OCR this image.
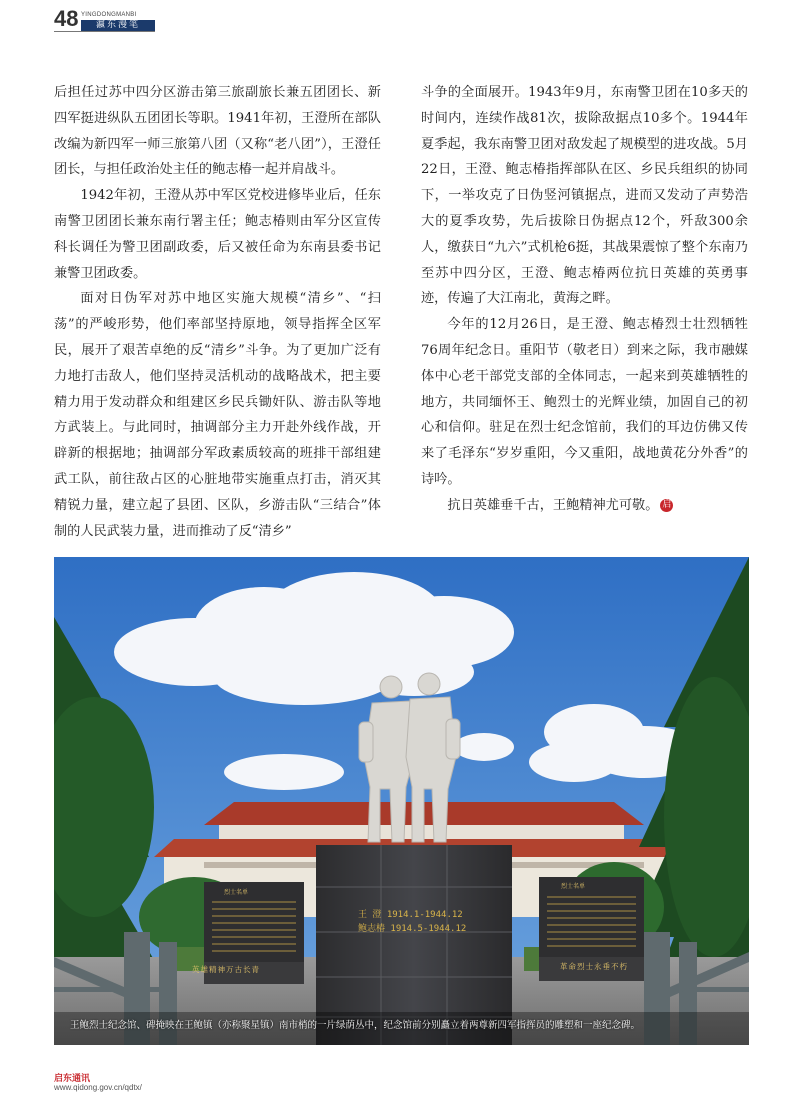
48 YINGDONGMANBI
瀛东漫笔

后担任过苏中四分区游击第三旅副旅长兼五团团长、新四军挺进纵队五团团长等职。1941年初，王澄所在部队改编为新四军一师三旅第八团（又称“老八团”），王澄任团长，与担任政治处主任的鲍志椿一起并肩战斗。

1942年初，王澄从苏中军区党校进修毕业后，任东南警卫团团长兼东南行署主任；鲍志椿则由军分区宣传科长调任为警卫团副政委，后又被任命为东南县委书记兼警卫团政委。

面对日伪军对苏中地区实施大规模“清乡”、“扫荡”的严峻形势，他们率部坚持原地，领导指挥全区军民，展开了艰苦卓绝的反“清乡”斗争。为了更加广泛有力地打击敌人，他们坚持灵活机动的战略战术，把主要精力用于发动群众和组建区乡民兵锄奸队、游击队等地方武装上。与此同时，抽调部分主力开赴外线作战，开辟新的根据地；抽调部分军政素质较高的班排干部组建武工队，前往敌占区的心脏地带实施重点打击，消灭其精锐力量，建立起了县团、区队，乡游击队“三结合”体制的人民武装力量，进而推动了反“清乡”

斗争的全面展开。1943年9月，东南警卫团在10多天的时间内，连续作战81次，拔除敌据点10多个。1944年夏季起，我东南警卫团对敌发起了规模型的进攻战。5月22日，王澄、鲍志椿指挥部队在区、乡民兵组织的协同下，一举攻克了日伪竖河镇据点，进而又发动了声势浩大的夏季攻势，先后拔除日伪据点12个，歼敌300余人，缴获日“九六”式机枪6挺，其战果震惊了整个东南乃至苏中四分区，王澄、鲍志椿两位抗日英雄的英勇事迹，传遍了大江南北，黄海之畔。

今年的12月26日，是王澄、鲍志椿烈士壮烈牺牲76周年纪念日。重阳节（敬老日）到来之际，我市融媒体中心老干部党支部的全体同志，一起来到英雄牺牲的地方，共同缅怀王、鲍烈士的光辉业绩，加固自己的初心和信仰。驻足在烈士纪念馆前，我们的耳边仿佛又传来了毛泽东“岁岁重阳，今又重阳，战地黄花分外香”的诗吟。

抗日英雄垂千古，王鲍精神尤可敬。 启

王 澄 1914.1-1944.12
鲍志椿 1914.5-1944.12
烈士名单
烈士名单
英雄精神万古长青	革命烈士永垂不朽
王鲍烈士纪念馆、碑掩映在王鲍镇（亦称聚星镇）南市梢的一片绿荫丛中，纪念馆前分别矗立着两尊新四军指挥员的雕塑和一座纪念碑。
启东通讯
www.qidong.gov.cn/qdtx/
